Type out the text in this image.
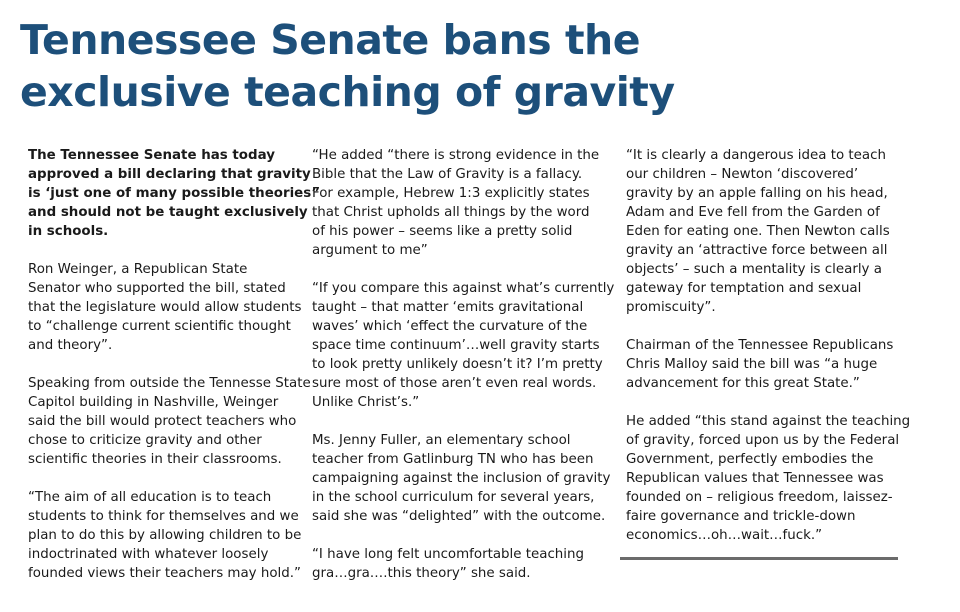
Tennessee Senate bans the
exclusive teaching of gravity

The Tennessee Senate has today
approved a bill declaring that gravity
is ‘just one of many possible theories”
and should not be taught exclusively
in schools.

Ron Weinger, a Republican State
Senator who supported the bill, stated
that the legislature would allow students
to “challenge current scientific thought
and theory”.

Speaking from outside the Tennesse State
Capitol building in Nashville, Weinger
said the bill would protect teachers who
chose to criticize gravity and other
scientific theories in their classrooms.

“The aim of all education is to teach
students to think for themselves and we
plan to do this by allowing children to be
indoctrinated with whatever loosely
founded views their teachers may hold.”

“He added “there is strong evidence in the
Bible that the Law of Gravity is a fallacy.
For example, Hebrew 1:3 explicitly states
that Christ upholds all things by the word
of his power – seems like a pretty solid
argument to me”

“If you compare this against what’s currently
taught – that matter ‘emits gravitational
waves’ which ‘effect the curvature of the
space time continuum’…well gravity starts
to look pretty unlikely doesn’t it? I’m pretty
sure most of those aren’t even real words.
Unlike Christ’s.”

Ms. Jenny Fuller, an elementary school
teacher from Gatlinburg TN who has been
campaigning against the inclusion of gravity
in the school curriculum for several years,
said she was “delighted” with the outcome.

“I have long felt uncomfortable teaching
gra…gra….this theory” she said.

“It is clearly a dangerous idea to teach
our children – Newton ‘discovered’
gravity by an apple falling on his head,
Adam and Eve fell from the Garden of
Eden for eating one. Then Newton calls
gravity an ‘attractive force between all
objects’ – such a mentality is clearly a
gateway for temptation and sexual
promiscuity”.

Chairman of the Tennessee Republicans
Chris Malloy said the bill was “a huge
advancement for this great State.”

He added “this stand against the teaching
of gravity, forced upon us by the Federal
Government, perfectly embodies the
Republican values that Tennessee was
founded on – religious freedom, laissez-
faire governance and trickle-down
economics…oh…wait…fuck.”
